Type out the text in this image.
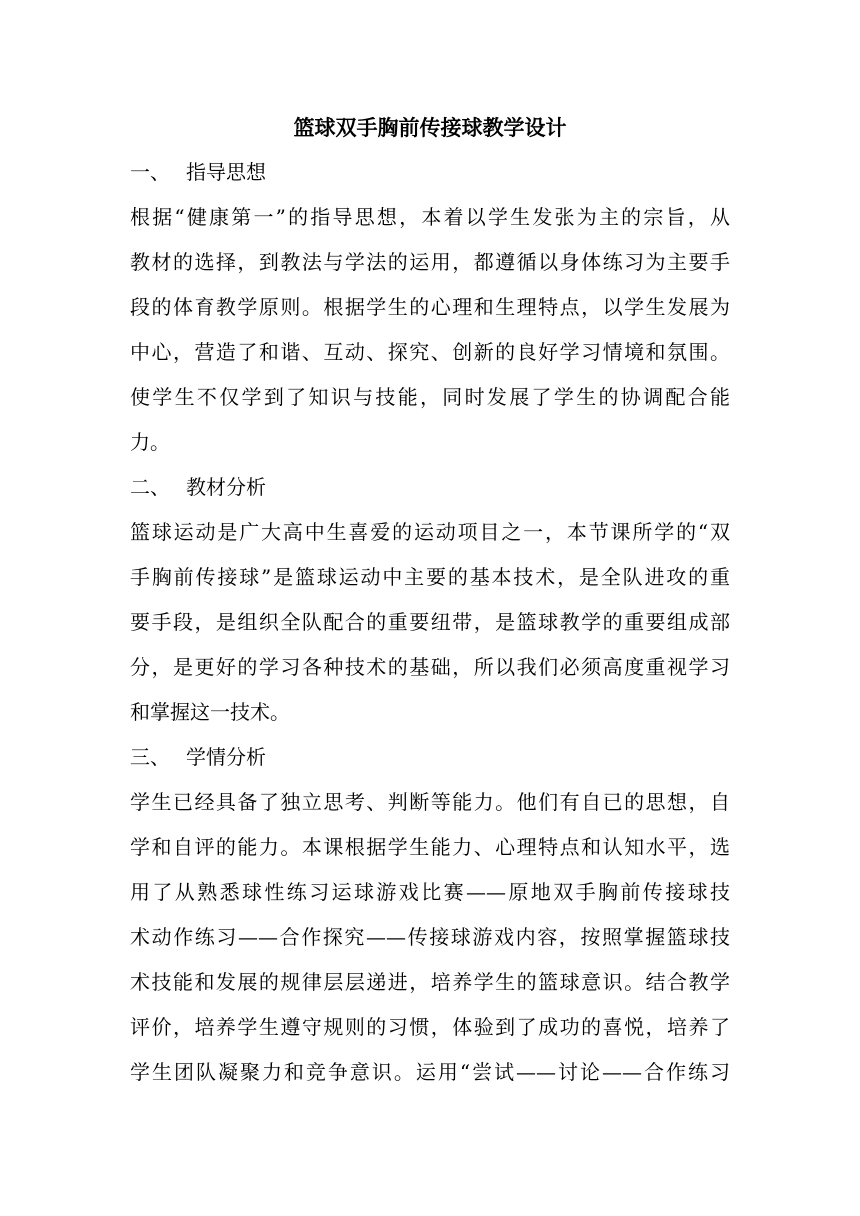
篮球双手胸前传接球教学设计
一、 指导思想
根据“健康第一”的指导思想，本着以学生发张为主的宗旨，从
教材的选择，到教法与学法的运用，都遵循以身体练习为主要手
段的体育教学原则。根据学生的心理和生理特点，以学生发展为
中心，营造了和谐、互动、探究、创新的良好学习情境和氛围。
使学生不仅学到了知识与技能，同时发展了学生的协调配合能
力。
二、 教材分析
篮球运动是广大高中生喜爱的运动项目之一，本节课所学的“双
手胸前传接球”是篮球运动中主要的基本技术，是全队进攻的重
要手段，是组织全队配合的重要纽带，是篮球教学的重要组成部
分，是更好的学习各种技术的基础，所以我们必须高度重视学习
和掌握这一技术。
三、 学情分析
学生已经具备了独立思考、判断等能力。他们有自已的思想，自
学和自评的能力。本课根据学生能力、心理特点和认知水平，选
用了从熟悉球性练习运球游戏比赛——原地双手胸前传接球技
术动作练习——合作探究——传接球游戏内容，按照掌握篮球技
术技能和发展的规律层层递进，培养学生的篮球意识。结合教学
评价，培养学生遵守规则的习惯，体验到了成功的喜悦，培养了
学生团队凝聚力和竞争意识。运用“尝试——讨论——合作练习
